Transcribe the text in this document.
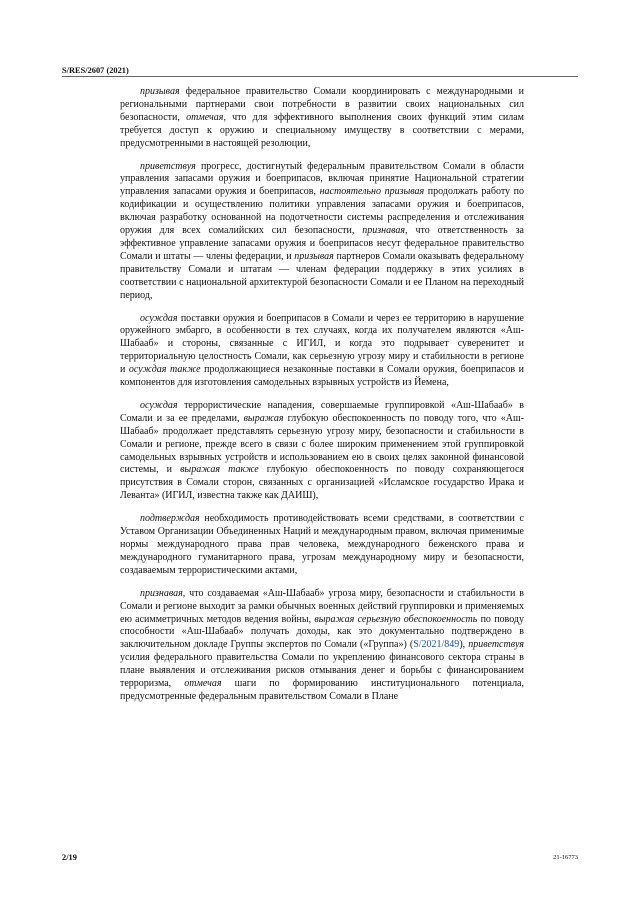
S/RES/2607 (2021)

призывая федеральное правительство Сомали координировать с международными и региональными партнерами свои потребности в развитии своих национальных сил безопасности, отмечая, что для эффективного выполнения своих функций этим силам требуется доступ к оружию и специальному имуществу в соответствии с мерами, предусмотренными в настоящей резолюции,

приветствуя прогресс, достигнутый федеральным правительством Сомали в области управления запасами оружия и боеприпасов, включая принятие Национальной стратегии управления запасами оружия и боеприпасов, настоятельно призывая продолжать работу по кодификации и осуществлению политики управления запасами оружия и боеприпасов, включая разработку основанной на подотчетности системы распределения и отслеживания оружия для всех сомалийских сил безопасности, признавая, что ответственность за эффективное управление запасами оружия и боеприпасов несут федеральное правительство Сомали и штаты — члены федерации, и призывая партнеров Сомали оказывать федеральному правительству Сомали и штатам — членам федерации поддержку в этих усилиях в соответствии с национальной архитектурой безопасности Сомали и ее Планом на переходный период,

осуждая поставки оружия и боеприпасов в Сомали и через ее территорию в нарушение оружейного эмбарго, в особенности в тех случаях, когда их получателем являются «Аш-Шабааб» и стороны, связанные с ИГИЛ, и когда это подрывает суверенитет и территориальную целостность Сомали, как серьезную угрозу миру и стабильности в регионе и осуждая также продолжающиеся незаконные поставки в Сомали оружия, боеприпасов и компонентов для изготовления самодельных взрывных устройств из Йемена,

осуждая террористические нападения, совершаемые группировкой «Аш-Шабааб» в Сомали и за ее пределами, выражая глубокую обеспокоенность по поводу того, что «Аш-Шабааб» продолжает представлять серьезную угрозу миру, безопасности и стабильности в Сомали и регионе, прежде всего в связи с более широким применением этой группировкой самодельных взрывных устройств и использованием ею в своих целях законной финансовой системы, и выражая также глубокую обеспокоенность по поводу сохраняющегося присутствия в Сомали сторон, связанных с организацией «Исламское государство Ирака и Леванта» (ИГИЛ, известна также как ДАИШ),

подтверждая необходимость противодействовать всеми средствами, в соответствии с Уставом Организации Объединенных Наций и международным правом, включая применимые нормы международного права прав человека, международного беженского права и международного гуманитарного права, угрозам международному миру и безопасности, создаваемым террористическими актами,

признавая, что создаваемая «Аш-Шабааб» угроза миру, безопасности и стабильности в Сомали и регионе выходит за рамки обычных военных действий группировки и применяемых ею асимметричных методов ведения войны, выражая серьезную обеспокоенность по поводу способности «Аш-Шабааб» получать доходы, как это документально подтверждено в заключительном докладе Группы экспертов по Сомали («Группа») (S/2021/849), приветствуя усилия федерального правительства Сомали по укреплению финансового сектора страны в плане выявления и отслеживания рисков отмывания денег и борьбы с финансированием терроризма, отмечая шаги по формированию институционального потенциала, предусмотренные федеральным правительством Сомали в Плане

2/19	21-16773
